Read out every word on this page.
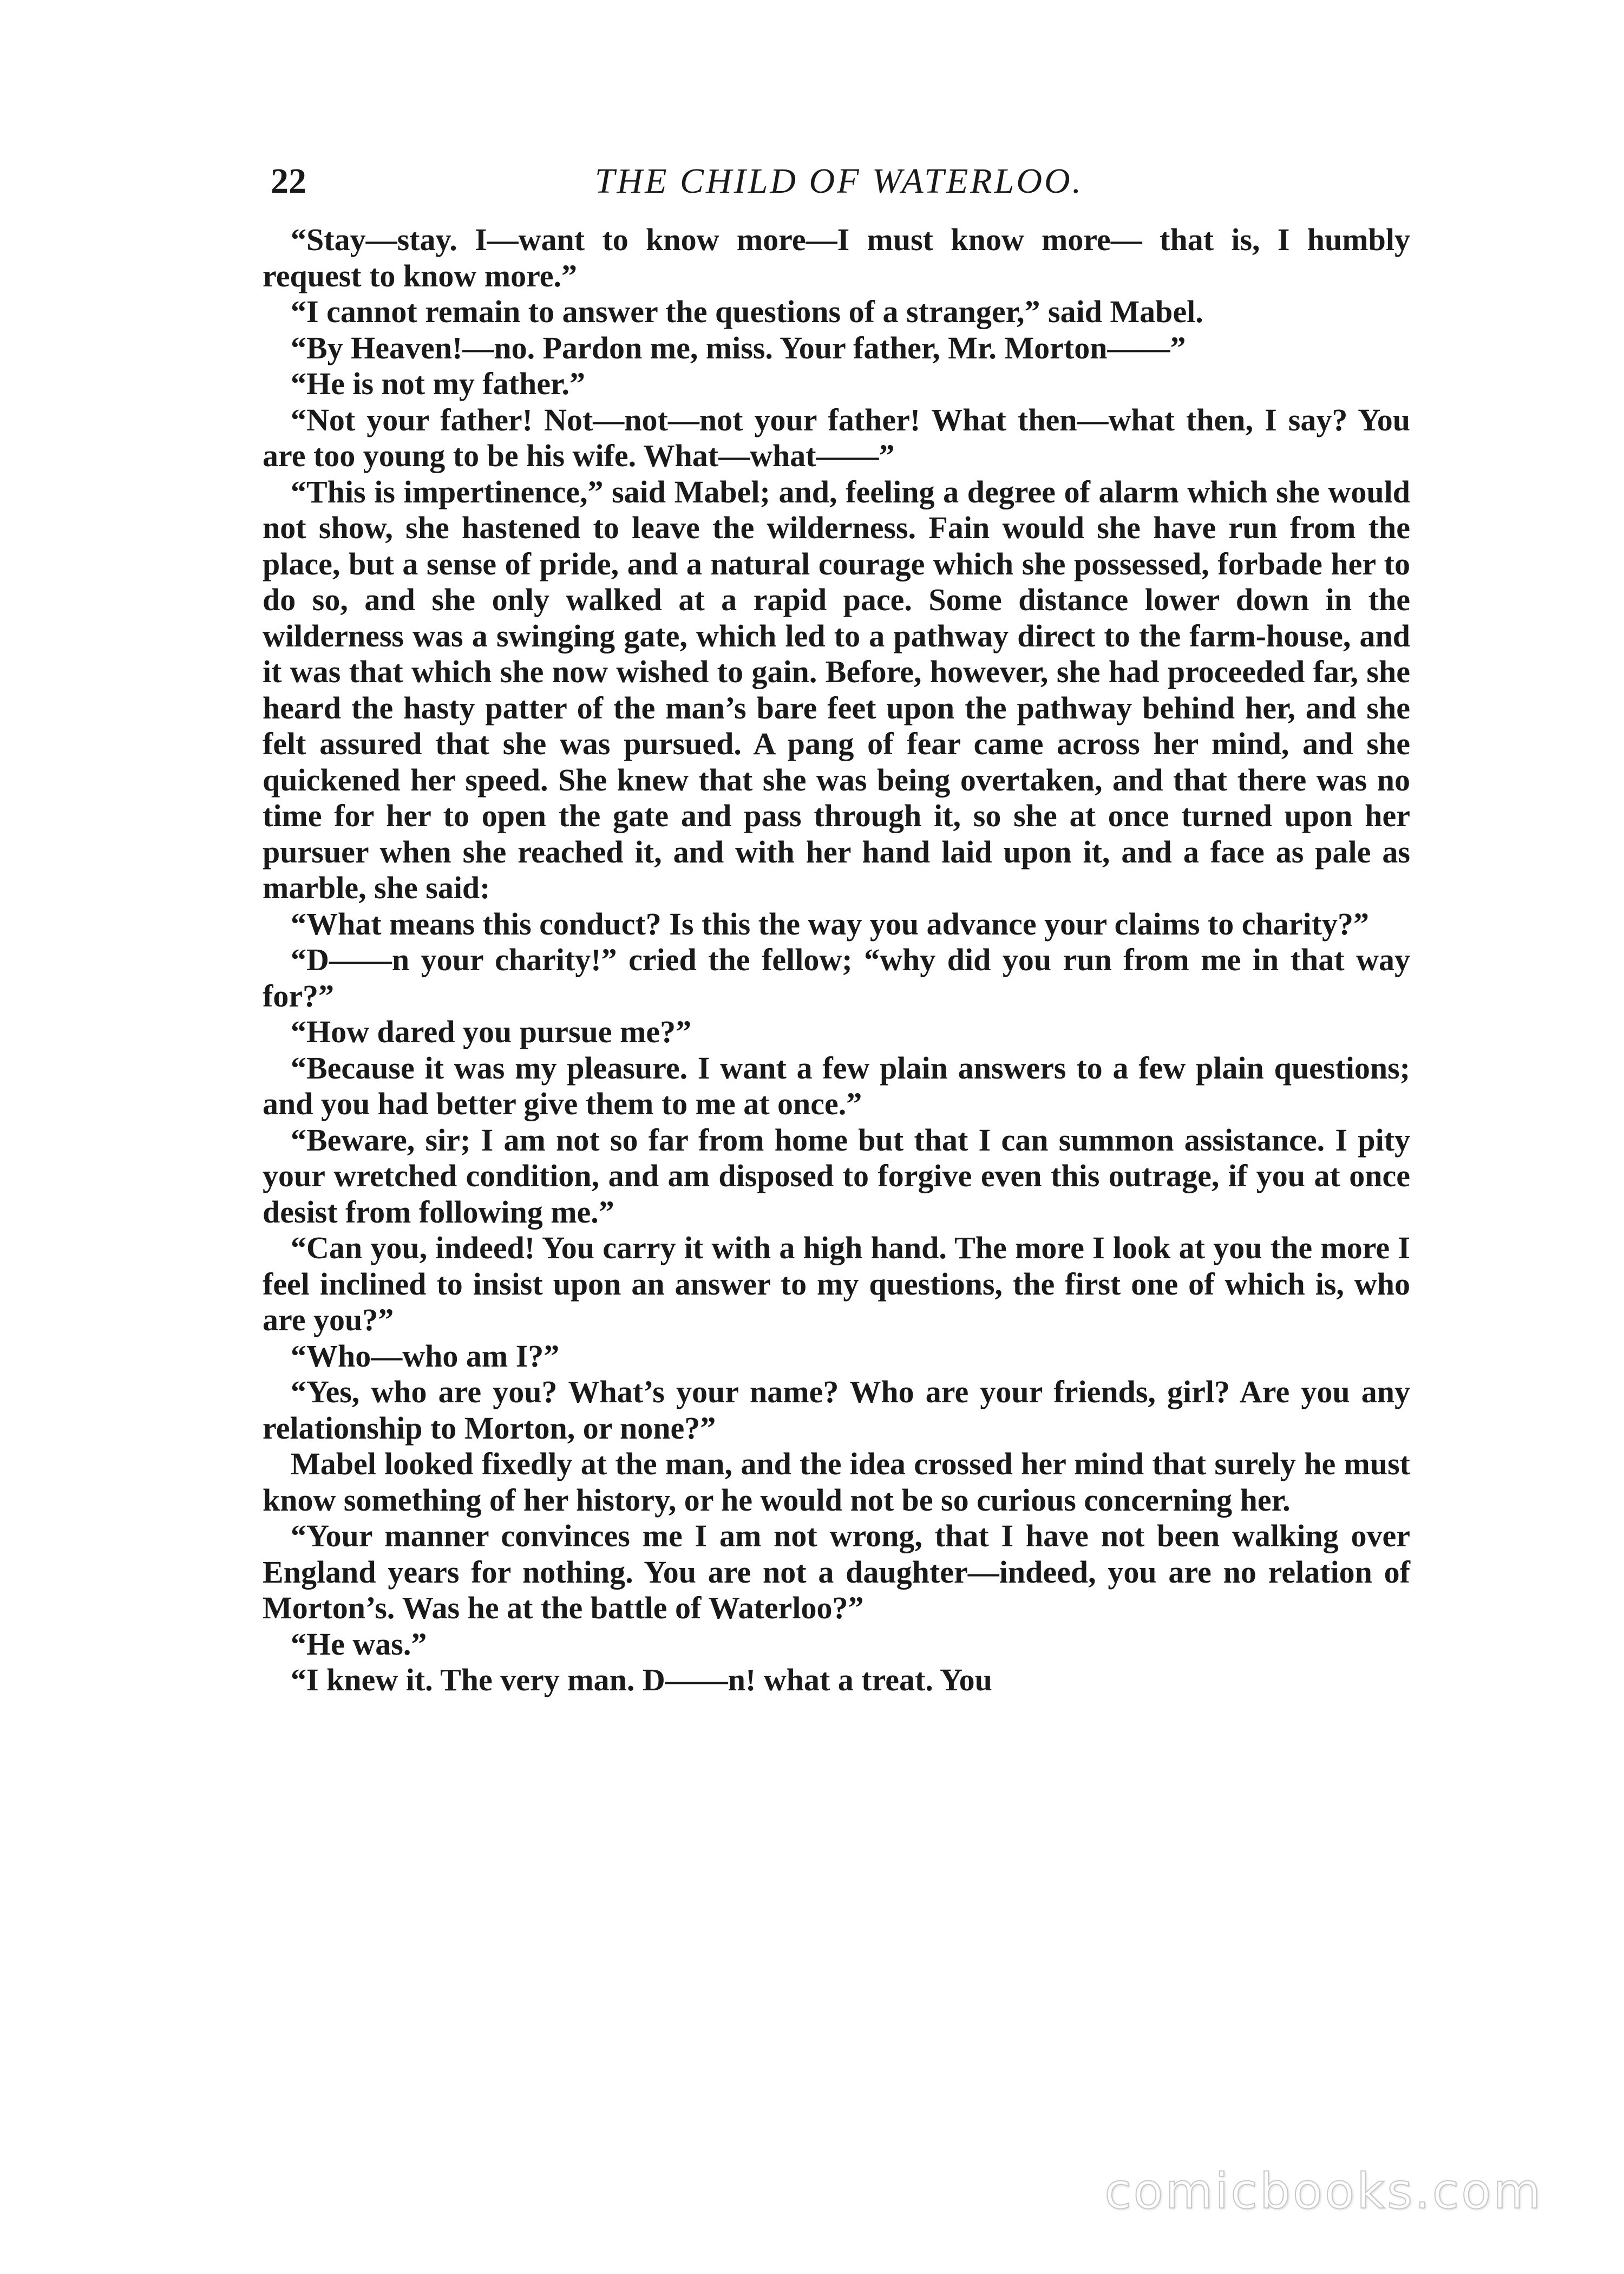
22	THE CHILD OF WATERLOO.

“Stay—stay. I—want to know more—I must know more— that is, I humbly request to know more.”

“I cannot remain to answer the questions of a stranger,” said Mabel.

“By Heaven!—no. Pardon me, miss. Your father, Mr. Morton——”

“He is not my father.”

“Not your father! Not—not—not your father! What then—what then, I say? You are too young to be his wife. What—what——”

“This is impertinence,” said Mabel; and, feeling a degree of alarm which she would not show, she hastened to leave the wilderness. Fain would she have run from the place, but a sense of pride, and a natural courage which she possessed, forbade her to do so, and she only walked at a rapid pace. Some distance lower down in the wilderness was a swinging gate, which led to a pathway direct to the farm-house, and it was that which she now wished to gain. Before, however, she had proceeded far, she heard the hasty patter of the man’s bare feet upon the pathway behind her, and she felt assured that she was pursued. A pang of fear came across her mind, and she quickened her speed. She knew that she was being overtaken, and that there was no time for her to open the gate and pass through it, so she at once turned upon her pursuer when she reached it, and with her hand laid upon it, and a face as pale as marble, she said:

“What means this conduct? Is this the way you advance your claims to charity?”

“D——n your charity!” cried the fellow; “why did you run from me in that way for?”

“How dared you pursue me?”

“Because it was my pleasure. I want a few plain answers to a few plain questions; and you had better give them to me at once.”

“Beware, sir; I am not so far from home but that I can summon assistance. I pity your wretched condition, and am disposed to forgive even this outrage, if you at once desist from following me.”

“Can you, indeed! You carry it with a high hand. The more I look at you the more I feel inclined to insist upon an answer to my questions, the first one of which is, who are you?”

“Who—who am I?”

“Yes, who are you? What’s your name? Who are your friends, girl? Are you any relationship to Morton, or none?”

Mabel looked fixedly at the man, and the idea crossed her mind that surely he must know something of her history, or he would not be so curious concerning her.

“Your manner convinces me I am not wrong, that I have not been walking over England years for nothing. You are not a daughter—indeed, you are no relation of Morton’s. Was he at the battle of Waterloo?”

“He was.”

“I knew it. The very man. D——n! what a treat. You

comicbooks.com
